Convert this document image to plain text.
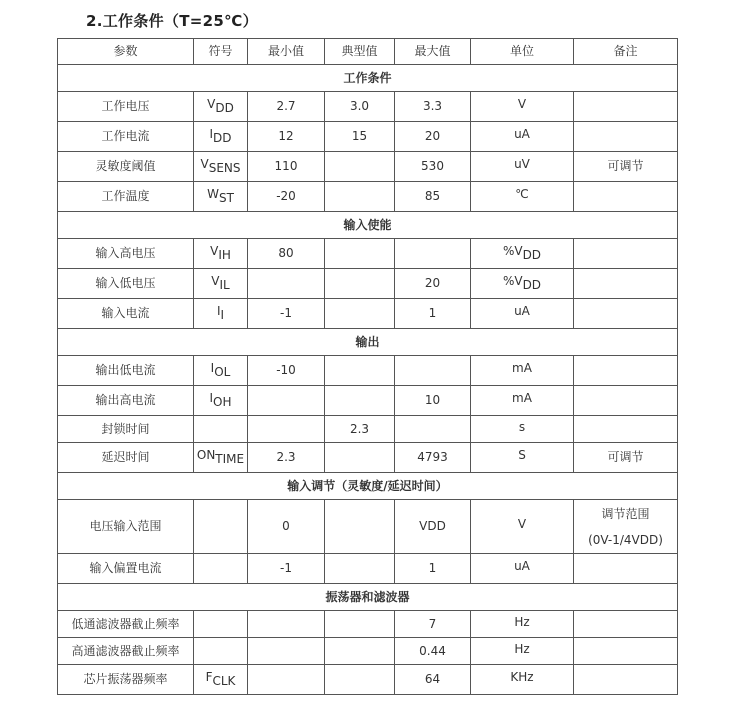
2.工作条件（T=25℃）
参数	符号	最小值	典型值	最大值	单位	备注
工作条件						
工作电压	$V_{DD}$	2.7	3.0	3.3	V	
工作电流	$I_{DD}$	12	15	20	uA	
灵敏度阈值	$V_{SENS}$	110		530	uV	可调节
工作温度	$W_{ST}$	-20		85	℃	
输入使能						
输入高电压	$V_{IH}$	80			$\%V_{DD}$	
输入低电压	$V_{IL}$			20	$\%V_{DD}$	
输入电流	$I_I$	-1		1	uA	
输出						
输出低电流	$I_{OL}$	-10			mA	
输出高电流	$I_{OH}$			10	mA	
封锁时间			2.3		s	
延迟时间	$ON_{TIME}$	2.3		4793	S	可调节
输入调节（灵敏度/延迟时间）						
电压输入范围		0		VDD	V	调节范围
(0V-1/4VDD)

输入偏置电流		-1		1	uA	
振荡器和滤波器						
低通滤波器截止频率				7	Hz	
高通滤波器截止频率				0.44	Hz	
芯片振荡器频率	$F_{CLK}$			64	KHz	
